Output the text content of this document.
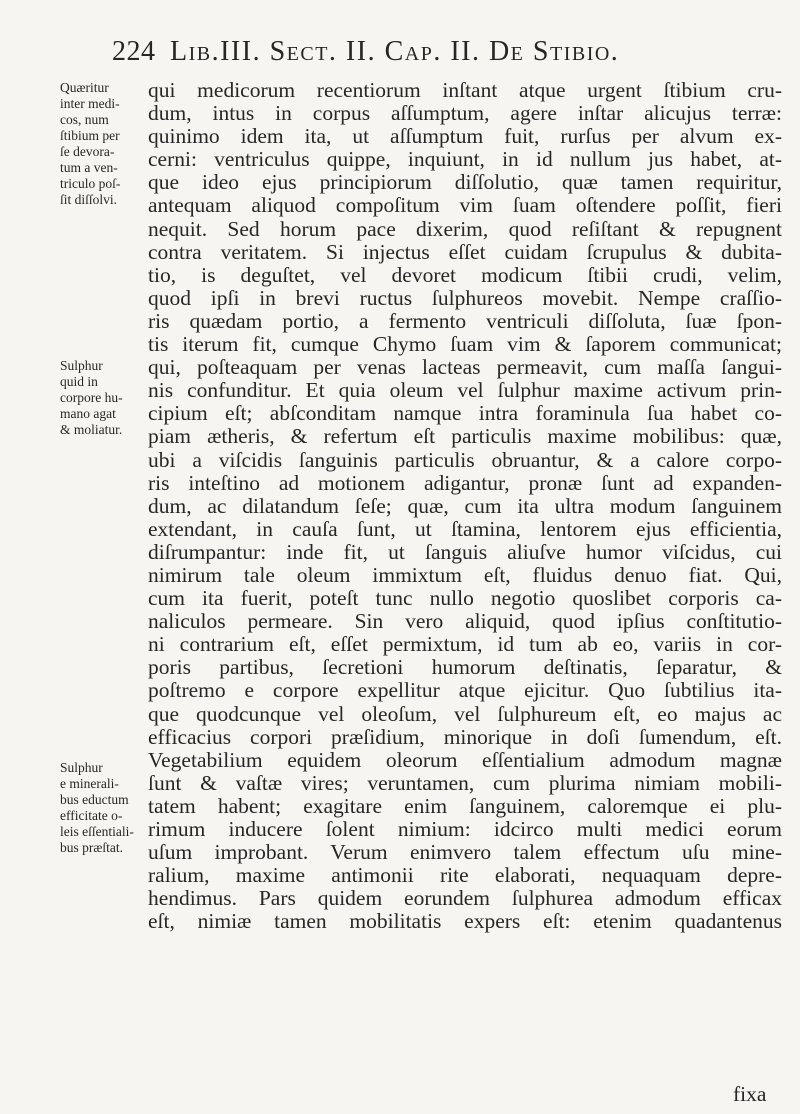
224 Lib.III. Sect. II. Cap. II. De Stibio.
Quæritur
inter medi-
cos, num
ſtibium per
ſe devora-
tum a ven-
triculo poſ-
ſit diſſolvi.
Sulphur
quid in
corpore hu-
mano agat
& moliatur.
Sulphur
e minerali-
bus eductum
efficitate o-
leis eſſentiali-
bus præſtat.
qui medicorum recentiorum inſtant atque urgent ſtibium cru-
dum, intus in corpus aſſumptum, agere inſtar alicujus terræ:
quinimo idem ita, ut aſſumptum fuit, rurſus per alvum ex-
cerni: ventriculus quippe, inquiunt, in id nullum jus habet, at-
que ideo ejus principiorum diſſolutio, quæ tamen requiritur,
antequam aliquod compoſitum vim ſuam oſtendere poſſit, fieri
nequit. Sed horum pace dixerim, quod reſiſtant & repugnent
contra veritatem. Si injectus eſſet cuidam ſcrupulus & dubita-
tio, is deguſtet, vel devoret modicum ſtibii crudi, velim,
quod ipſi in brevi ructus ſulphureos movebit. Nempe craſſio-
ris quædam portio, a fermento ventriculi diſſoluta, ſuæ ſpon-
tis iterum fit, cumque Chymo ſuam vim & ſaporem communicat;
qui, poſteaquam per venas lacteas permeavit, cum maſſa ſangui-
nis confunditur. Et quia oleum vel ſulphur maxime activum prin-
cipium eſt; abſconditam namque intra foraminula ſua habet co-
piam ætheris, & refertum eſt particulis maxime mobilibus: quæ,
ubi a viſcidis ſanguinis particulis obruantur, & a calore corpo-
ris inteſtino ad motionem adigantur, pronæ ſunt ad expanden-
dum, ac dilatandum ſeſe; quæ, cum ita ultra modum ſanguinem
extendant, in cauſa ſunt, ut ſtamina, lentorem ejus efficientia,
diſrumpantur: inde fit, ut ſanguis aliuſve humor viſcidus, cui
nimirum tale oleum immixtum eſt, fluidus denuo fiat. Qui,
cum ita fuerit, poteſt tunc nullo negotio quoslibet corporis ca-
naliculos permeare. Sin vero aliquid, quod ipſius conſtitutio-
ni contrarium eſt, eſſet permixtum, id tum ab eo, variis in cor-
poris partibus, ſecretioni humorum deſtinatis, ſeparatur, &
poſtremo e corpore expellitur atque ejicitur. Quo ſubtilius ita-
que quodcunque vel oleoſum, vel ſulphureum eſt, eo majus ac
efficacius corpori præſidium, minorique in doſi ſumendum, eſt.
Vegetabilium equidem oleorum eſſentialium admodum magnæ
ſunt & vaſtæ vires; veruntamen, cum plurima nimiam mobili-
tatem habent; exagitare enim ſanguinem, caloremque ei plu-
rimum inducere ſolent nimium: idcirco multi medici eorum
uſum improbant. Verum enimvero talem effectum uſu mine-
ralium, maxime antimonii rite elaborati, nequaquam depre-
hendimus. Pars quidem eorundem ſulphurea admodum efficax
eſt, nimiæ tamen mobilitatis expers eſt: etenim quadantenus
fixa
